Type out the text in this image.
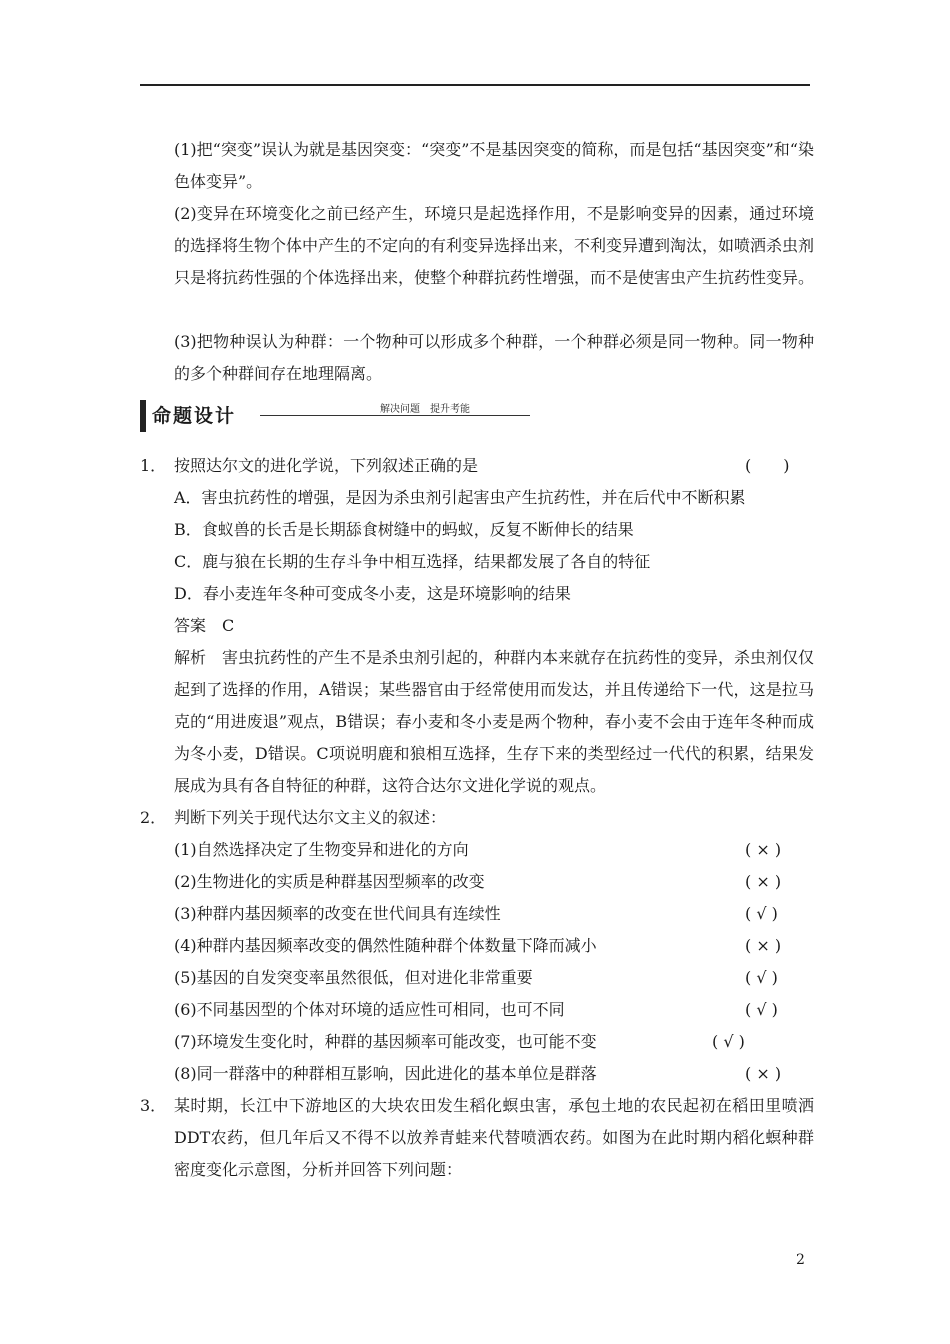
(1)把“突变”误认为就是基因突变：“突变”不是基因突变的简称，而是包括“基因突变”和“染色体变异”。
(2)变异在环境变化之前已经产生，环境只是起选择作用，不是影响变异的因素，通过环境的选择将生物个体中产生的不定向的有利变异选择出来，不利变异遭到淘汰，如喷洒杀虫剂只是将抗药性强的个体选择出来，使整个种群抗药性增强，而不是使害虫产生抗药性变异。
(3)把物种误认为种群：一个物种可以形成多个种群，一个种群必须是同一物种。同一物种的多个种群间存在地理隔离。
命题设计	解决问题　提升考能
1． 按照达尔文的进化学说，下列叙述正确的是	(　　)
A．害虫抗药性的增强，是因为杀虫剂引起害虫产生抗药性，并在后代中不断积累
B．食蚁兽的长舌是长期舔食树缝中的蚂蚁，反复不断伸长的结果
C．鹿与狼在长期的生存斗争中相互选择，结果都发展了各自的特征
D．春小麦连年冬种可变成冬小麦，这是环境影响的结果
答案　C
解析　害虫抗药性的产生不是杀虫剂引起的，种群内本来就存在抗药性的变异，杀虫剂仅仅起到了选择的作用，A错误；某些器官由于经常使用而发达，并且传递给下一代，这是拉马克的“用进废退”观点，B错误；春小麦和冬小麦是两个物种，春小麦不会由于连年冬种而成为冬小麦，D错误。C项说明鹿和狼相互选择，生存下来的类型经过一代代的积累，结果发展成为具有各自特征的种群，这符合达尔文进化学说的观点。
2． 判断下列关于现代达尔文主义的叙述：
(1)自然选择决定了生物变异和进化的方向	( × )
(2)生物进化的实质是种群基因型频率的改变	( × )
(3)种群内基因频率的改变在世代间具有连续性	( √ )
(4)种群内基因频率改变的偶然性随种群个体数量下降而减小	( × )
(5)基因的自发突变率虽然很低，但对进化非常重要	( √ )
(6)不同基因型的个体对环境的适应性可相同，也可不同	( √ )
(7)环境发生变化时，种群的基因频率可能改变，也可能不变	( √ )
(8)同一群落中的种群相互影响，因此进化的基本单位是群落	( × )
3． 某时期，长江中下游地区的大块农田发生稻化螟虫害，承包土地的农民起初在稻田里喷洒DDT农药，但几年后又不得不以放养青蛙来代替喷洒农药。如图为在此时期内稻化螟种群密度变化示意图，分析并回答下列问题：
2
